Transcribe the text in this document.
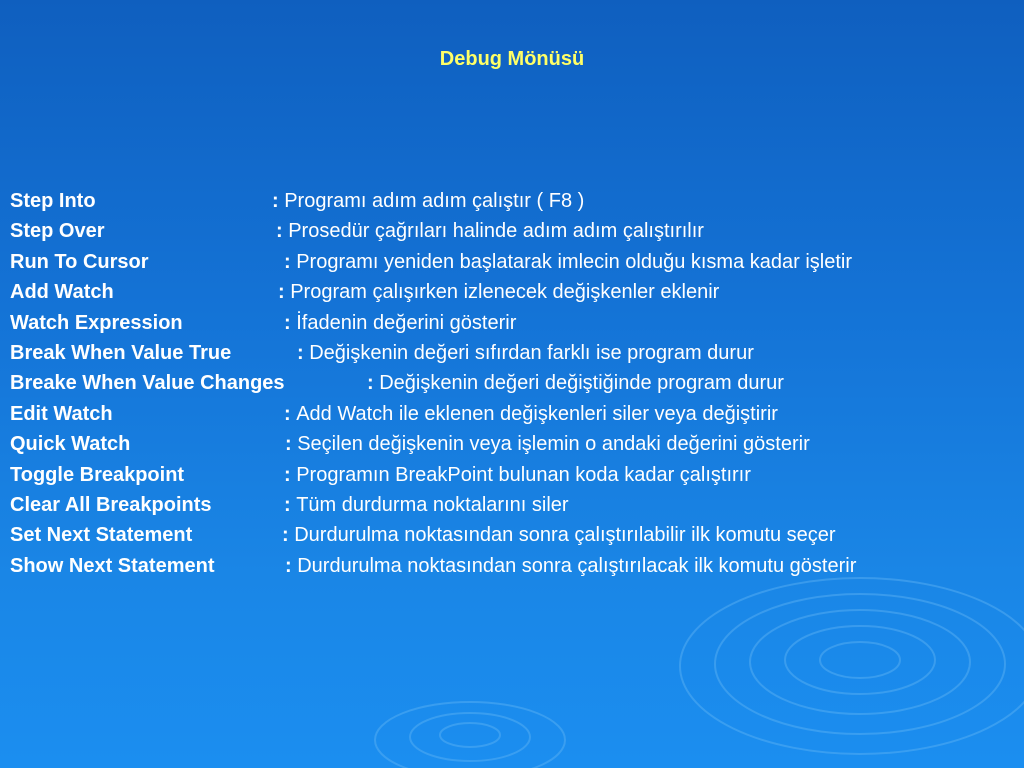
Debug Mönüsü
Step Into	: Programı adım adım çalıştır ( F8 )
Step Over	: Prosedür çağrıları halinde adım adım çalıştırılır
Run To Cursor	: Programı yeniden başlatarak imlecin olduğu kısma kadar işletir
Add Watch	: Program çalışırken izlenecek değişkenler eklenir
Watch Expression	: İfadenin değerini gösterir
Break When Value True	: Değişkenin değeri sıfırdan farklı ise program durur
Breake When Value Changes	: Değişkenin değeri değiştiğinde program durur
Edit Watch	: Add Watch ile eklenen değişkenleri siler veya değiştirir
Quick Watch	: Seçilen değişkenin veya işlemin o andaki değerini gösterir
Toggle Breakpoint	: Programın BreakPoint bulunan koda kadar çalıştırır
Clear All Breakpoints	: Tüm durdurma noktalarını siler
Set Next Statement	: Durdurulma noktasından sonra çalıştırılabilir ilk komutu seçer
Show Next Statement	: Durdurulma noktasından sonra çalıştırılacak ilk komutu gösterir
